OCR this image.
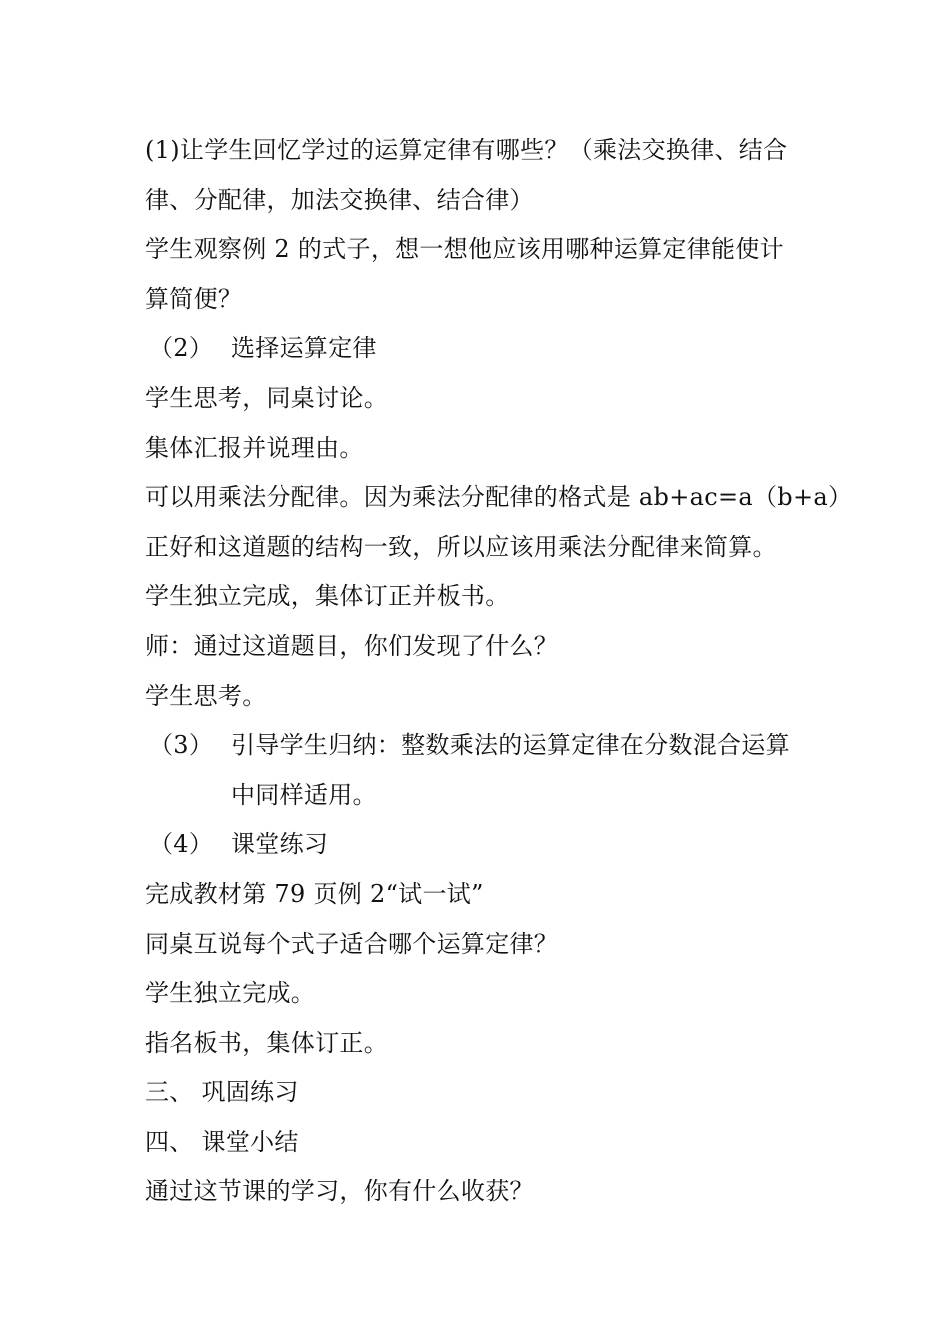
(1)让学生回忆学过的运算定律有哪些？（乘法交换律、结合
律、分配律，加法交换律、结合律）
学生观察例 2 的式子，想一想他应该用哪种运算定律能使计
算简便？
（2） 选择运算定律
学生思考，同桌讨论。
集体汇报并说理由。
可以用乘法分配律。因为乘法分配律的格式是 ab+ac=a（b+a）
正好和这道题的结构一致，所以应该用乘法分配律来简算。
学生独立完成，集体订正并板书。
师：通过这道题目，你们发现了什么？
学生思考。
（3） 引导学生归纳：整数乘法的运算定律在分数混合运算中同样适用。
（4） 课堂练习
完成教材第 79 页例 2“试一试”
同桌互说每个式子适合哪个运算定律？
学生独立完成。
指名板书，集体订正。
三、 巩固练习
四、 课堂小结
通过这节课的学习，你有什么收获？
